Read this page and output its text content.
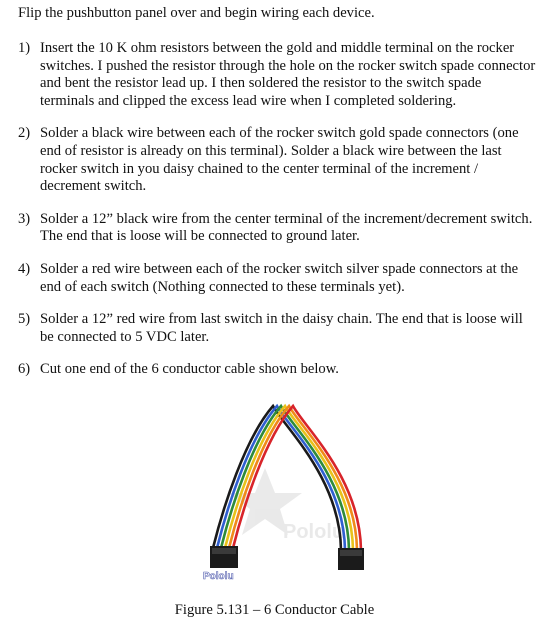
Flip the pushbutton panel over and begin wiring each device.

1) Insert the 10 K ohm resistors between the gold and middle terminal on the rocker switches. I pushed the resistor through the hole on the rocker switch spade connector and bent the resistor lead up. I then soldered the resistor to the switch spade terminals and clipped the excess lead wire when I completed soldering.
2) Solder a black wire between each of the rocker switch gold spade connectors (one end of resistor is already on this terminal). Solder a black wire between the last rocker switch in you daisy chained to the center terminal of the increment / decrement switch.
3) Solder a 12” black wire from the center terminal of the increment/decrement switch. The end that is loose will be connected to ground later.
4) Solder a red wire between each of the rocker switch silver spade connectors at the end of each switch (Nothing connected to these terminals yet).
5) Solder a 12” red wire from last switch in the daisy chain. The end that is loose will be connected to 5 VDC later.
6) Cut one end of the 6 conductor cable shown below.
Pololu
Pololu

Figure 5.131 – 6 Conductor Cable
